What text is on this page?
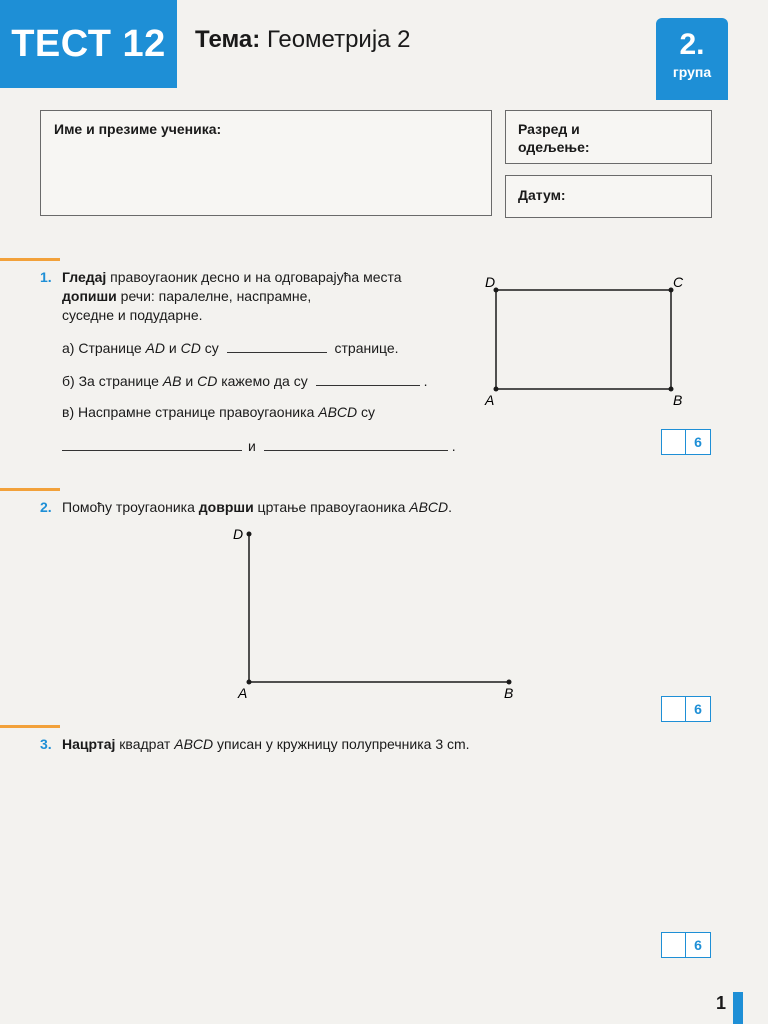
ТЕСТ 12	Тема: Геометрија 2	2.
група
Име и презиме ученика:	Разред и
одељење:
Датум:
1. Гледај правоугаоник десно и на одговарајућа места
допиши речи: паралелне, наспрамне,
суседне и подударне.
а) Странице AD и CD су	странице.
б) За странице AB и CD кажемо да су	.
в) Наспрамне странице правоугаоника ABCD су
и	.
D	C
A	B
6
2. Помоћу троугаоника доврши цртање правоугаоника ABCD.
D
A	B
6
3. Нацртај квадрат ABCD уписан у кружницу полупречника 3 cm.
6
1
